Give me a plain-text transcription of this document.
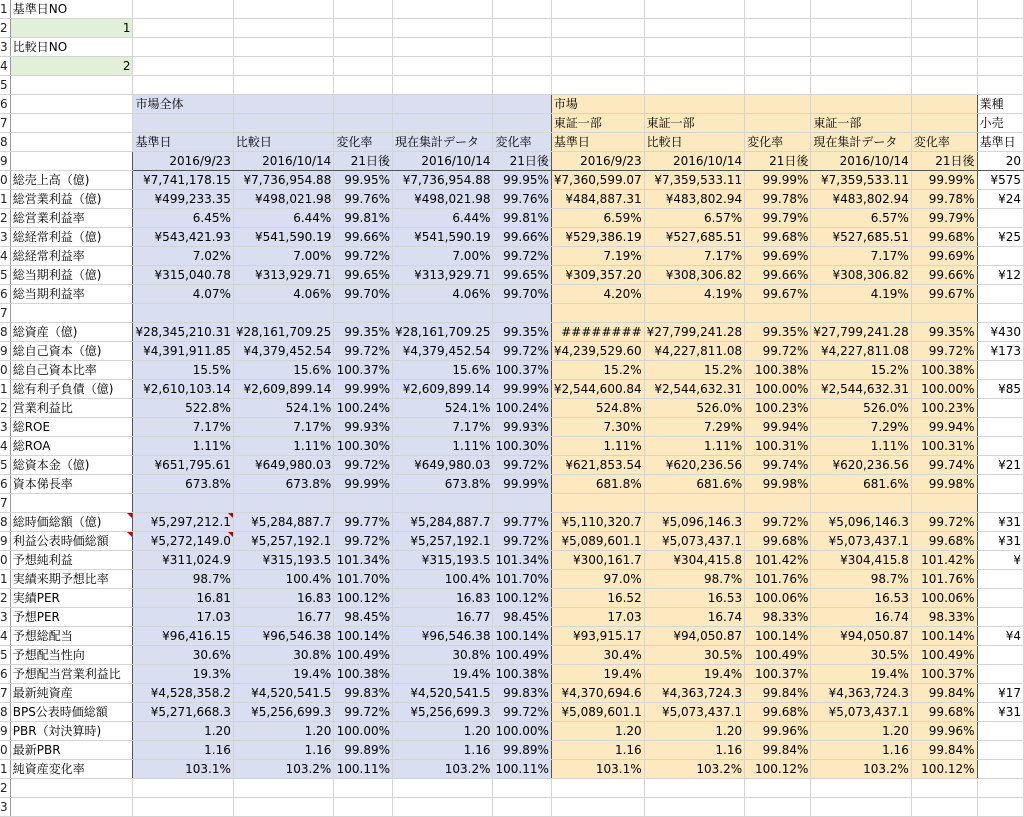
1	基準日NO											
2	1											
3	比較日NO											
4	2											
5												
6		市場全体					市場					業種
7							東証一部	東証一部		東証一部		小売
8		基準日	比較日	変化率	現在集計データ	変化率	基準日	比較日	変化率	現在集計データ	変化率	基準日
9		2016/9/23	2016/10/14	21日後	2016/10/14	21日後	2016/9/23	2016/10/14	21日後	2016/10/14	21日後	20
0	総売上高（億)	¥7,741,178.15	¥7,736,954.88	99.95%	¥7,736,954.88	99.95%	¥7,360,599.07	¥7,359,533.11	99.99%	¥7,359,533.11	99.99%	¥575
1	総営業利益（億)	¥499,233.35	¥498,021.98	99.76%	¥498,021.98	99.76%	¥484,887.31	¥483,802.94	99.78%	¥483,802.94	99.78%	¥24
2	総営業利益率	6.45%	6.44%	99.81%	6.44%	99.81%	6.59%	6.57%	99.79%	6.57%	99.79%	
3	総経常利益（億)	¥543,421.93	¥541,590.19	99.66%	¥541,590.19	99.66%	¥529,386.19	¥527,685.51	99.68%	¥527,685.51	99.68%	¥25
4	総経常利益率	7.02%	7.00%	99.72%	7.00%	99.72%	7.19%	7.17%	99.69%	7.17%	99.69%	
5	総当期利益（億)	¥315,040.78	¥313,929.71	99.65%	¥313,929.71	99.65%	¥309,357.20	¥308,306.82	99.66%	¥308,306.82	99.66%	¥12
6	総当期利益率	4.07%	4.06%	99.70%	4.06%	99.70%	4.20%	4.19%	99.67%	4.19%	99.67%	
7												
8	総資産（億)	¥28,345,210.31	¥28,161,709.25	99.35%	¥28,161,709.25	99.35%	########	¥27,799,241.28	99.35%	¥27,799,241.28	99.35%	¥430
9	総自己資本（億)	¥4,391,911.85	¥4,379,452.54	99.72%	¥4,379,452.54	99.72%	¥4,239,529.60	¥4,227,811.08	99.72%	¥4,227,811.08	99.72%	¥173
0	総自己資本比率	15.5%	15.6%	100.37%	15.6%	100.37%	15.2%	15.2%	100.38%	15.2%	100.38%	
1	総有利子負債（億)	¥2,610,103.14	¥2,609,899.14	99.99%	¥2,609,899.14	99.99%	¥2,544,600.84	¥2,544,632.31	100.00%	¥2,544,632.31	100.00%	¥85
2	営業利益比	522.8%	524.1%	100.24%	524.1%	100.24%	524.8%	526.0%	100.23%	526.0%	100.23%	
3	総ROE	7.17%	7.17%	99.93%	7.17%	99.93%	7.30%	7.29%	99.94%	7.29%	99.94%	
4	総ROA	1.11%	1.11%	100.30%	1.11%	100.30%	1.11%	1.11%	100.31%	1.11%	100.31%	
5	総資本金（億)	¥651,795.61	¥649,980.03	99.72%	¥649,980.03	99.72%	¥621,853.54	¥620,236.56	99.74%	¥620,236.56	99.74%	¥21
6	資本俤長率	673.8%	673.8%	99.99%	673.8%	99.99%	681.8%	681.6%	99.98%	681.6%	99.98%	
7												
8	総時価総額（億)	¥5,297,212.1	¥5,284,887.7	99.77%	¥5,284,887.7	99.77%	¥5,110,320.7	¥5,096,146.3	99.72%	¥5,096,146.3	99.72%	¥31
9	利益公表時価総額	¥5,272,149.0	¥5,257,192.1	99.72%	¥5,257,192.1	99.72%	¥5,089,601.1	¥5,073,437.1	99.68%	¥5,073,437.1	99.68%	¥31
0	予想純利益	¥311,024.9	¥315,193.5	101.34%	¥315,193.5	101.34%	¥300,161.7	¥304,415.8	101.42%	¥304,415.8	101.42%	¥
1	実績来期予想比率	98.7%	100.4%	101.70%	100.4%	101.70%	97.0%	98.7%	101.76%	98.7%	101.76%	
2	実績PER	16.81	16.83	100.12%	16.83	100.12%	16.52	16.53	100.06%	16.53	100.06%	
3	予想PER	17.03	16.77	98.45%	16.77	98.45%	17.03	16.74	98.33%	16.74	98.33%	
4	予想総配当	¥96,416.15	¥96,546.38	100.14%	¥96,546.38	100.14%	¥93,915.17	¥94,050.87	100.14%	¥94,050.87	100.14%	¥4
5	予想配当性向	30.6%	30.8%	100.49%	30.8%	100.49%	30.4%	30.5%	100.49%	30.5%	100.49%	
6	予想配当営業利益比	19.3%	19.4%	100.38%	19.4%	100.38%	19.4%	19.4%	100.37%	19.4%	100.37%	
7	最新純資産	¥4,528,358.2	¥4,520,541.5	99.83%	¥4,520,541.5	99.83%	¥4,370,694.6	¥4,363,724.3	99.84%	¥4,363,724.3	99.84%	¥17
8	BPS公表時価総額	¥5,271,668.3	¥5,256,699.3	99.72%	¥5,256,699.3	99.72%	¥5,089,601.1	¥5,073,437.1	99.68%	¥5,073,437.1	99.68%	¥31
9	PBR（対決算時)	1.20	1.20	100.00%	1.20	100.00%	1.20	1.20	99.96%	1.20	99.96%	
0	最新PBR	1.16	1.16	99.89%	1.16	99.89%	1.16	1.16	99.84%	1.16	99.84%	
1	純資産変化率	103.1%	103.2%	100.11%	103.2%	100.11%	103.1%	103.2%	100.12%	103.2%	100.12%	
2												
3												
